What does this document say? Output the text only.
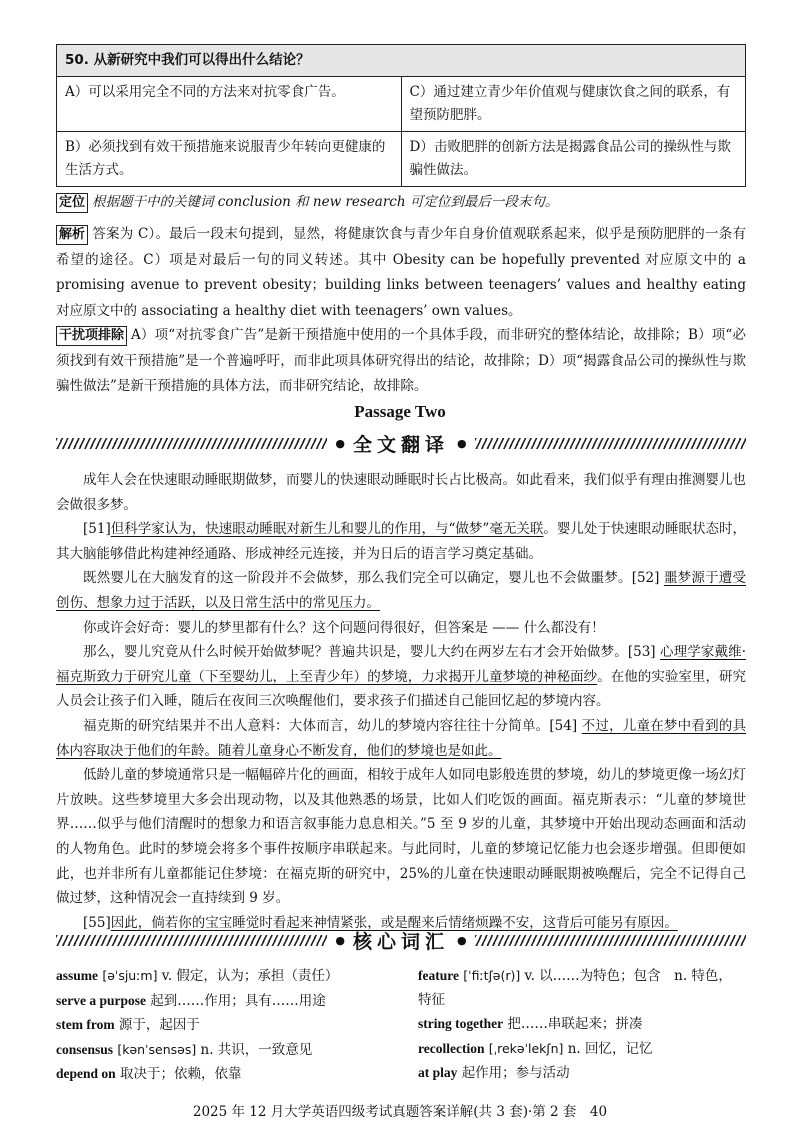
50. 从新研究中我们可以得出什么结论？	
A）可以采用完全不同的方法来对抗零食广告。	C）通过建立青少年价值观与健康饮食之间的联系，有望预防肥胖。
B）必须找到有效干预措施来说服青少年转向更健康的生活方式。	D）击败肥胖的创新方法是揭露食品公司的操纵性与欺骗性做法。
定位 根据题干中的关键词 conclusion 和 new research 可定位到最后一段末句。
解析 答案为 C）。最后一段末句提到，显然，将健康饮食与青少年自身价值观联系起来，似乎是预防肥胖的一条有希望的途径。C）项是对最后一句的同义转述。其中 Obesity can be hopefully prevented 对应原文中的 a promising avenue to prevent obesity；building links between teenagers’ values and healthy eating 对应原文中的 associating a healthy diet with teenagers’ own values。
干扰项排除 A）项“对抗零食广告”是新干预措施中使用的一个具体手段，而非研究的整体结论，故排除；B）项“必须找到有效干预措施”是一个普遍呼吁，而非此项具体研究得出的结论，故排除；D）项“揭露食品公司的操纵性与欺骗性做法”是新干预措施的具体方法，而非研究结论，故排除。
Passage Two
● 全文翻译 ●

成年人会在快速眼动睡眠期做梦，而婴儿的快速眼动睡眠时长占比极高。如此看来，我们似乎有理由推测婴儿也会做很多梦。

[51]但科学家认为，快速眼动睡眠对新生儿和婴儿的作用，与“做梦”毫无关联。婴儿处于快速眼动睡眠状态时，其大脑能够借此构建神经通路、形成神经元连接，并为日后的语言学习奠定基础。

既然婴儿在大脑发育的这一阶段并不会做梦，那么我们完全可以确定，婴儿也不会做噩梦。[52] 噩梦源于遭受创伤、想象力过于活跃，以及日常生活中的常见压力。

你或许会好奇：婴儿的梦里都有什么？这个问题问得很好，但答案是 —— 什么都没有！

那么，婴儿究竟从什么时候开始做梦呢？普遍共识是，婴儿大约在两岁左右才会开始做梦。[53] 心理学家戴维·福克斯致力于研究儿童（下至婴幼儿，上至青少年）的梦境，力求揭开儿童梦境的神秘面纱。在他的实验室里，研究人员会让孩子们入睡，随后在夜间三次唤醒他们，要求孩子们描述自己能回忆起的梦境内容。

福克斯的研究结果并不出人意料：大体而言，幼儿的梦境内容往往十分简单。[54] 不过，儿童在梦中看到的具体内容取决于他们的年龄。随着儿童身心不断发育，他们的梦境也是如此。

低龄儿童的梦境通常只是一幅幅碎片化的画面，相较于成年人如同电影般连贯的梦境，幼儿的梦境更像一场幻灯片放映。这些梦境里大多会出现动物，以及其他熟悉的场景，比如人们吃饭的画面。福克斯表示：“儿童的梦境世界……似乎与他们清醒时的想象力和语言叙事能力息息相关。”5 至 9 岁的儿童，其梦境中开始出现动态画面和活动的人物角色。此时的梦境会将多个事件按顺序串联起来。与此同时，儿童的梦境记忆能力也会逐步增强。但即便如此，也并非所有儿童都能记住梦境：在福克斯的研究中，25%的儿童在快速眼动睡眠期被唤醒后，完全不记得自己做过梦，这种情况会一直持续到 9 岁。

[55]因此，倘若你的宝宝睡觉时看起来神情紧张，或是醒来后情绪烦躁不安，这背后可能另有原因。

● 核心词汇 ●
assume [əˈsjuːm] v. 假定，认为；承担（责任）
serve a purpose 起到……作用；具有……用途
stem from 源于，起因于
consensus [kənˈsensəs] n. 共识，一致意见
depend on 取决于；依赖，依靠
feature [ˈfiːtʃə(r)] v. 以……为特色；包含　n. 特色，
特征
string together 把……串联起来；拼凑
recollection [ˌrekəˈlekʃn] n. 回忆，记忆
at play 起作用；参与活动
2025 年 12 月大学英语四级考试真题答案详解(共 3 套)·第 2 套　40
